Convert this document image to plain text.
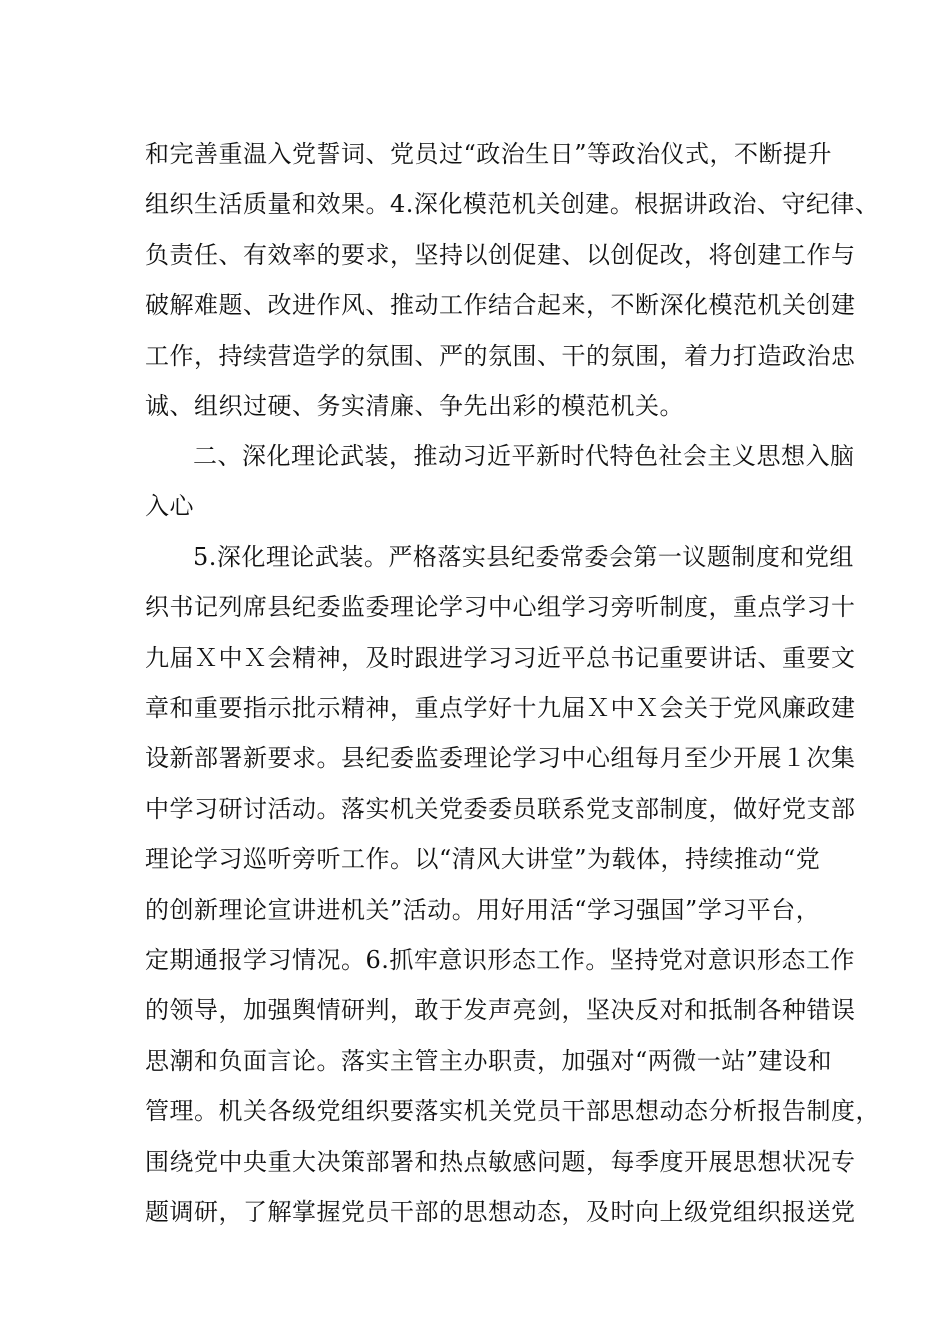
和完善重温入党誓词、党员过“政治生日”等政治仪式，不断提升

组织生活质量和效果。4.深化模范机关创建。根据讲政治、守纪律、

负责任、有效率的要求，坚持以创促建、以创促改，将创建工作与

破解难题、改进作风、推动工作结合起来，不断深化模范机关创建

工作，持续营造学的氛围、严的氛围、干的氛围，着力打造政治忠

诚、组织过硬、务实清廉、争先出彩的模范机关。

二、深化理论武装，推动习近平新时代特色社会主义思想入脑

入心

5.深化理论武装。严格落实县纪委常委会第一议题制度和党组

织书记列席县纪委监委理论学习中心组学习旁听制度，重点学习十

九届Ｘ中Ｘ会精神，及时跟进学习习近平总书记重要讲话、重要文

章和重要指示批示精神，重点学好十九届Ｘ中Ｘ会关于党风廉政建

设新部署新要求。县纪委监委理论学习中心组每月至少开展１次集

中学习研讨活动。落实机关党委委员联系党支部制度，做好党支部

理论学习巡听旁听工作。以“清风大讲堂”为载体，持续推动“党

的创新理论宣讲进机关”活动。用好用活“学习强国”学习平台，

定期通报学习情况。6.抓牢意识形态工作。坚持党对意识形态工作

的领导，加强舆情研判，敢于发声亮剑，坚决反对和抵制各种错误

思潮和负面言论。落实主管主办职责，加强对“两微一站”建设和

管理。机关各级党组织要落实机关党员干部思想动态分析报告制度，

围绕党中央重大决策部署和热点敏感问题，每季度开展思想状况专

题调研，了解掌握党员干部的思想动态，及时向上级党组织报送党
